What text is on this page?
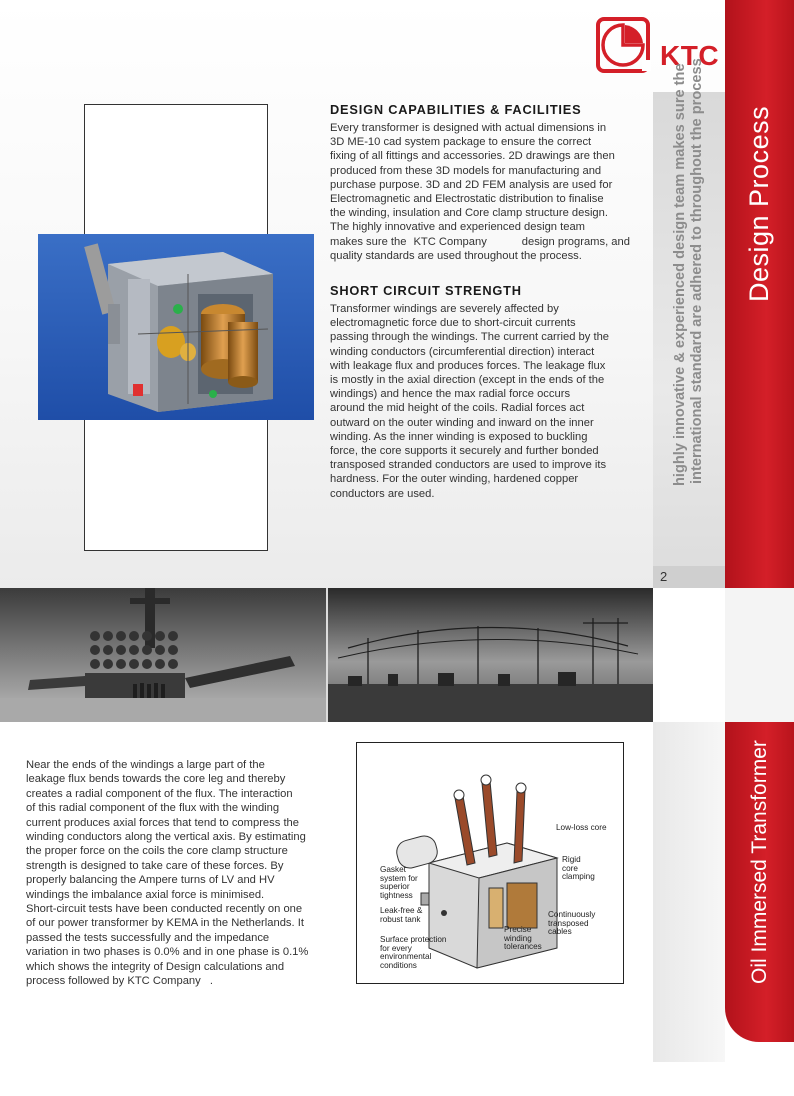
2
KTC
Design Process
highly innovative & experienced design team makes sure the international standard are adhered to throughout the process
Oil Immersed Transformer
DESIGN CAPABILITIES & FACILITIES
Every transformer is designed with actual dimensions in
3D ME-10 cad system package to ensure the correct
fixing of all fittings and accessories. 2D drawings are then
produced from these 3D models for manufacturing and
purchase purpose. 3D and 2D FEM analysis are used for
Electromagnetic and Electrostatic distribution to finalise
the winding, insulation and Core clamp structure design.
The highly innovative and experienced design team
makes sure the KTC Company	design programs, and
quality standards are used throughout the process.
SHORT CIRCUIT STRENGTH
Transformer windings are severely affected by
electromagnetic force due to short-circuit currents
passing through the windings. The current carried by the
winding conductors (circumferential direction) interact
with leakage flux and produces forces. The leakage flux
is mostly in the axial direction (except in the ends of the
windings) and hence the max radial force occurs
around the mid height of the coils. Radial forces act
outward on the outer winding and inward on the inner
winding. As the inner winding is exposed to buckling
force, the core supports it securely and further bonded
transposed stranded conductors are used to improve its
hardness. For the outer winding, hardened copper
conductors are used.
Near the ends of the windings a large part of the
leakage flux bends towards the core leg and thereby
creates a radial component of the flux. The interaction
of this radial component of the flux with the winding
current produces axial forces that tend to compress the
winding conductors along the vertical axis. By estimating
the proper force on the coils the core clamp structure
strength is designed to take care of these forces. By
properly balancing the Ampere turns of LV and HV
windings the imbalance axial force is minimised.
Short-circuit tests have been conducted recently on one
of our power transformer by KEMA in the Netherlands. It
passed the tests successfully and the impedance
variation in two phases is 0.0% and in one phase is 0.1%
which shows the integrity of Design calculations and
process followed by KTC Company .
Low-loss core
Gasket
system for
superior
tightness
Rigid
core
clamping
Leak-free &
robust tank
Continuously
transposed
cables
Precise
winding
tolerances
Surface protection
for every
environmental
conditions
